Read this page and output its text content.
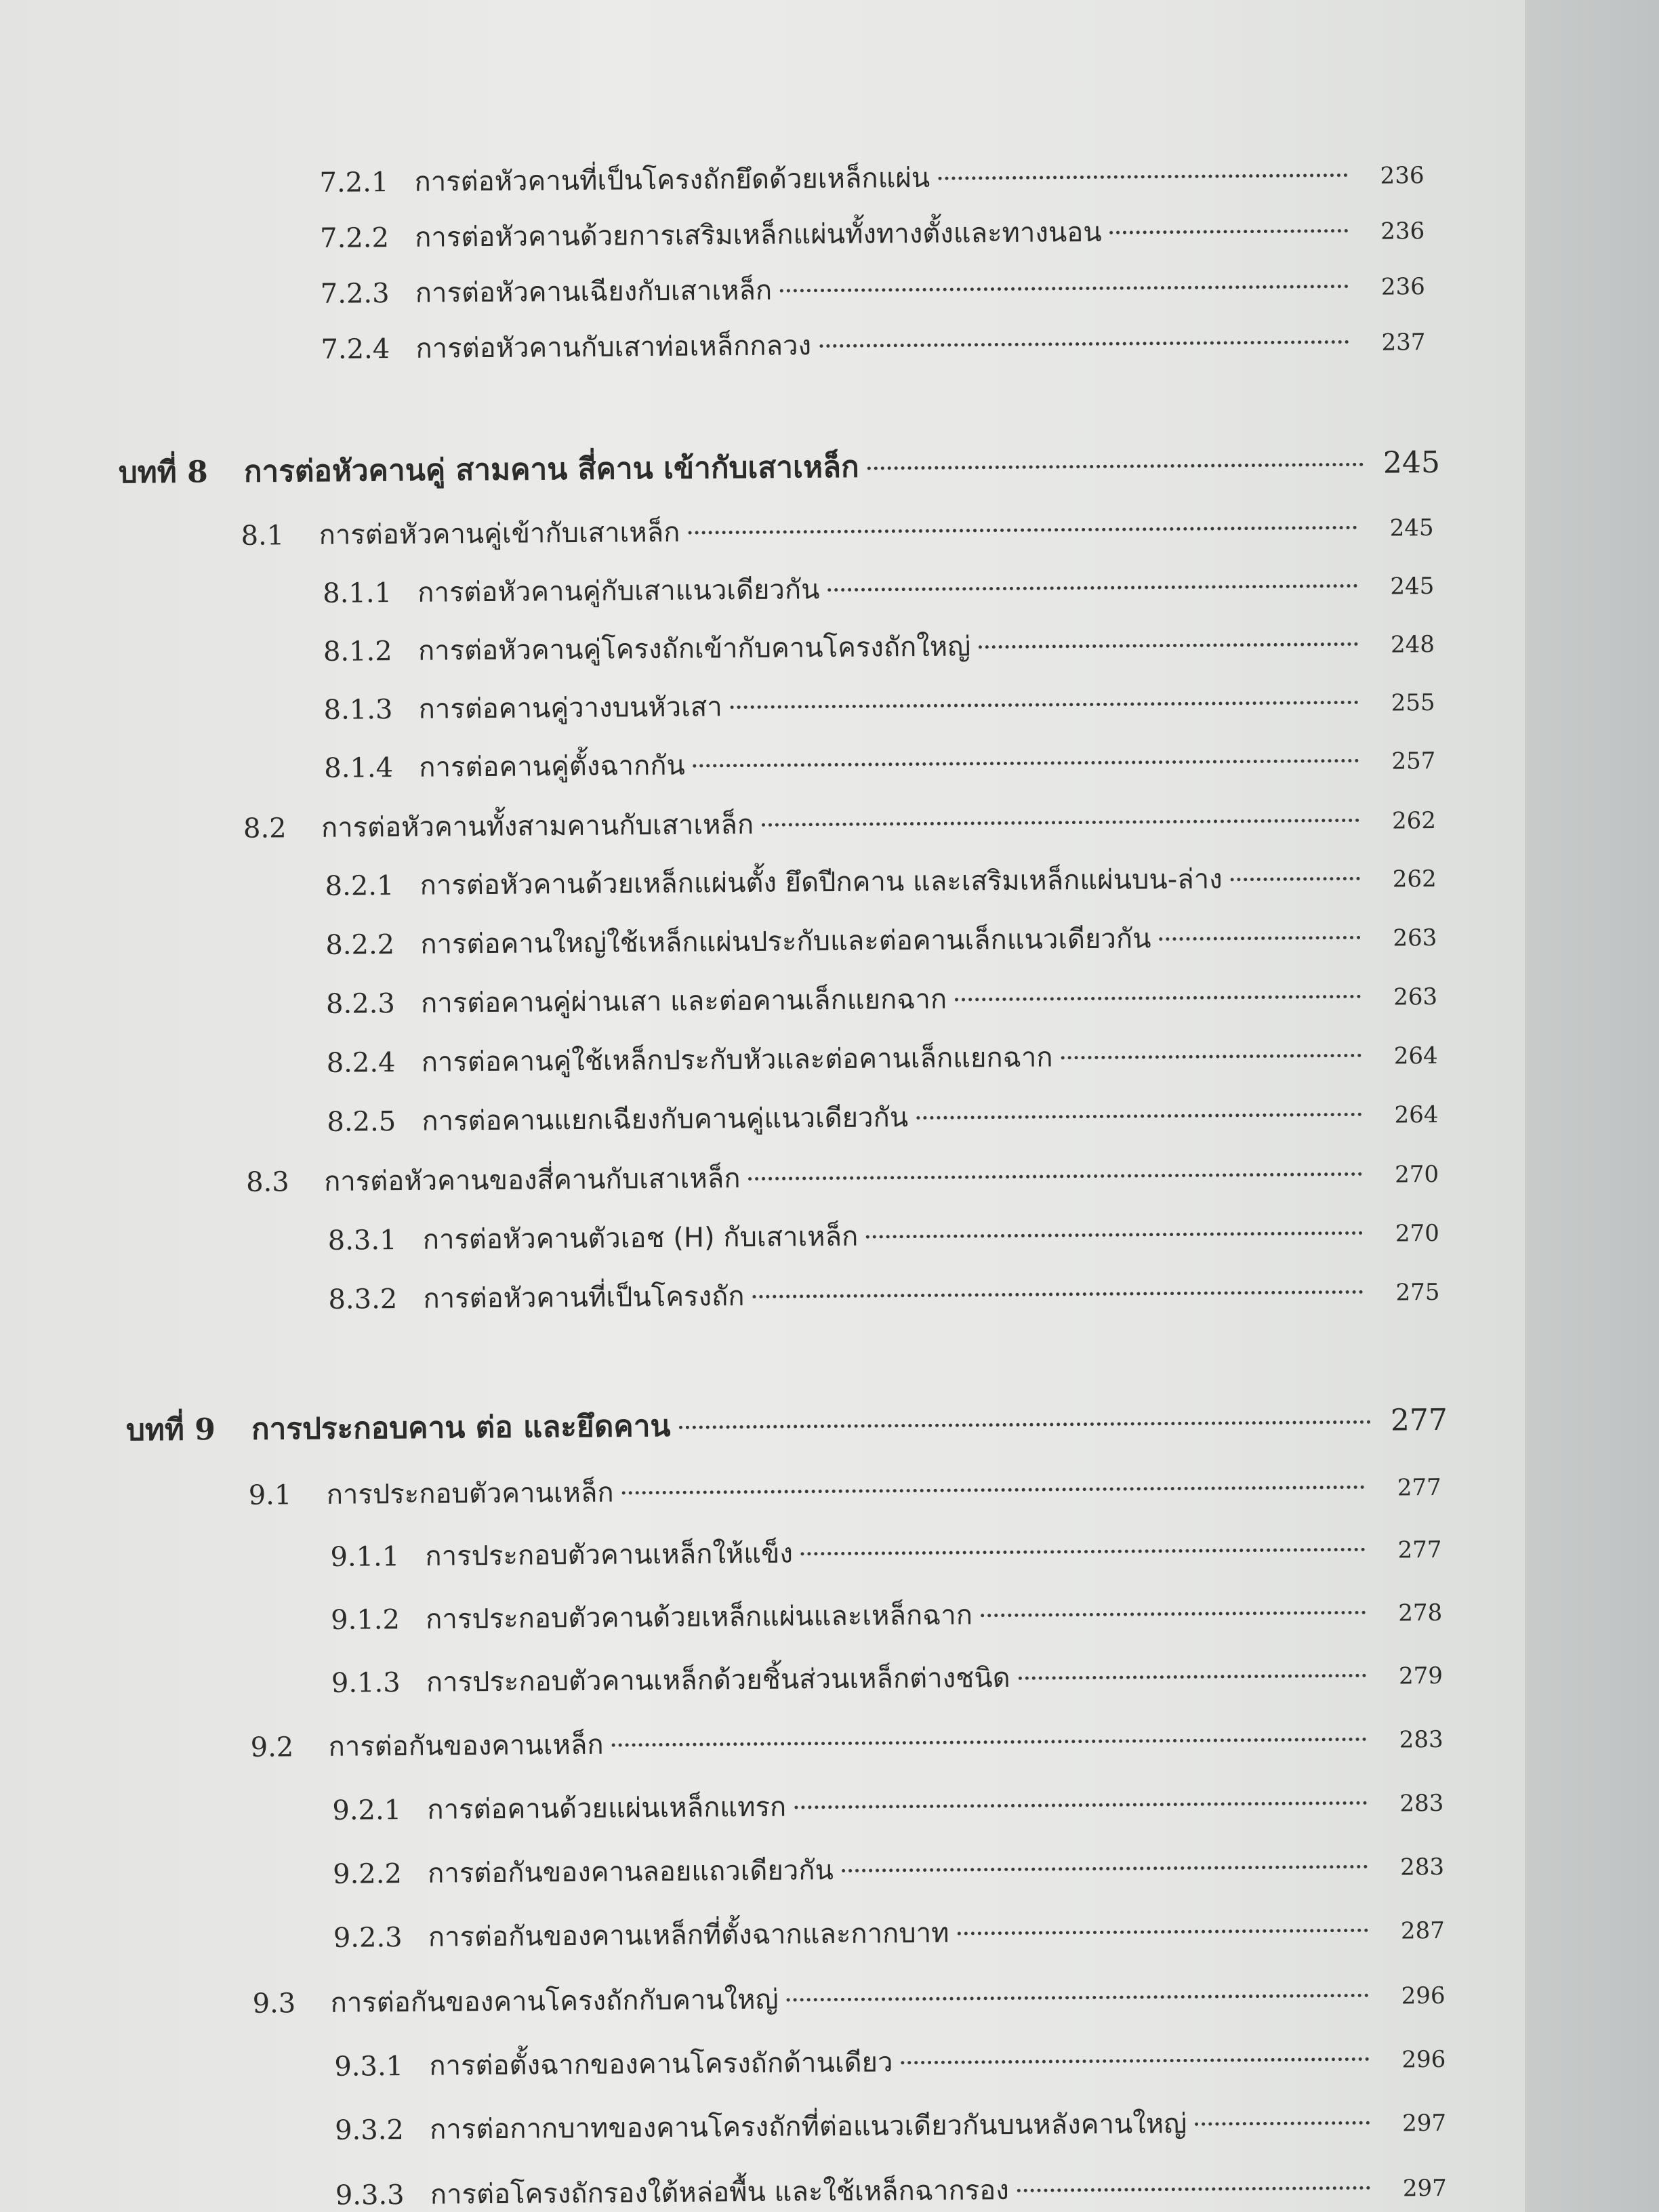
7.2.1 การต่อหัวคานที่เป็นโครงถักยึดด้วยเหล็กแผ่น	236
7.2.2 การต่อหัวคานด้วยการเสริมเหล็กแผ่นทั้งทางตั้งและทางนอน	236
7.2.3 การต่อหัวคานเฉียงกับเสาเหล็ก	236
7.2.4 การต่อหัวคานกับเสาท่อเหล็กกลวง	237
บทที่ 8	การต่อหัวคานคู่ สามคาน สี่คาน เข้ากับเสาเหล็ก	245
8.1	การต่อหัวคานคู่เข้ากับเสาเหล็ก	245
8.1.1 การต่อหัวคานคู่กับเสาแนวเดียวกัน	245
8.1.2 การต่อหัวคานคู่โครงถักเข้ากับคานโครงถักใหญ่	248
8.1.3 การต่อคานคู่วางบนหัวเสา	255
8.1.4 การต่อคานคู่ตั้งฉากกัน	257
8.2	การต่อหัวคานทั้งสามคานกับเสาเหล็ก	262
8.2.1 การต่อหัวคานด้วยเหล็กแผ่นตั้ง ยึดปีกคาน และเสริมเหล็กแผ่นบน-ล่าง	262
8.2.2 การต่อคานใหญ่ใช้เหล็กแผ่นประกับและต่อคานเล็กแนวเดียวกัน	263
8.2.3 การต่อคานคู่ผ่านเสา และต่อคานเล็กแยกฉาก	263
8.2.4 การต่อคานคู่ใช้เหล็กประกับหัวและต่อคานเล็กแยกฉาก	264
8.2.5 การต่อคานแยกเฉียงกับคานคู่แนวเดียวกัน	264
8.3	การต่อหัวคานของสี่คานกับเสาเหล็ก	270
8.3.1 การต่อหัวคานตัวเอช (H) กับเสาเหล็ก	270
8.3.2 การต่อหัวคานที่เป็นโครงถัก	275
บทที่ 9	การประกอบคาน ต่อ และยึดคาน	277
9.1	การประกอบตัวคานเหล็ก	277
9.1.1 การประกอบตัวคานเหล็กให้แข็ง	277
9.1.2 การประกอบตัวคานด้วยเหล็กแผ่นและเหล็กฉาก	278
9.1.3 การประกอบตัวคานเหล็กด้วยชิ้นส่วนเหล็กต่างชนิด	279
9.2	การต่อกันของคานเหล็ก	283
9.2.1 การต่อคานด้วยแผ่นเหล็กแทรก	283
9.2.2 การต่อกันของคานลอยแถวเดียวกัน	283
9.2.3 การต่อกันของคานเหล็กที่ตั้งฉากและกากบาท	287
9.3	การต่อกันของคานโครงถักกับคานใหญ่	296
9.3.1 การต่อตั้งฉากของคานโครงถักด้านเดียว	296
9.3.2 การต่อกากบาทของคานโครงถักที่ต่อแนวเดียวกันบนหลังคานใหญ่	297
9.3.3 การต่อโครงถักรองใต้หล่อพื้น และใช้เหล็กฉากรอง	297
